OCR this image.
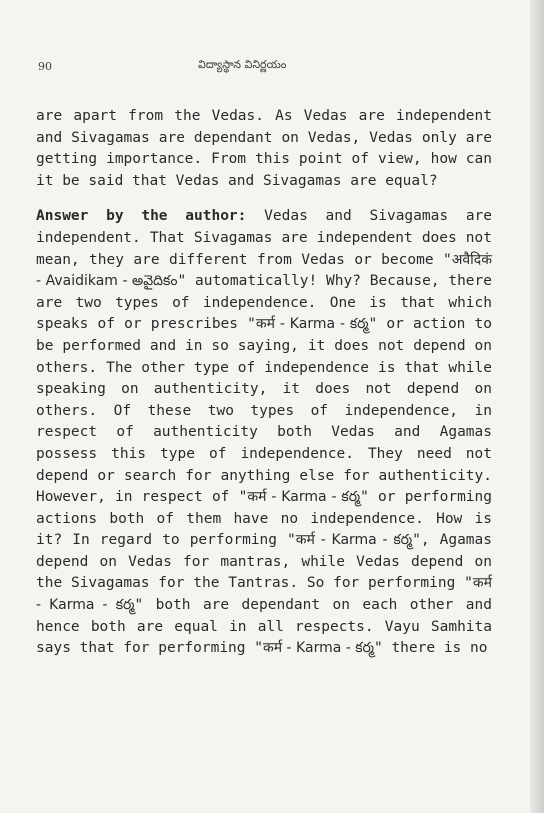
90	విద్యాస్థాన వినిర్ణయం

are apart from the Vedas. As Vedas are independent and Sivagamas are dependant on Vedas, Vedas only are getting importance. From this point of view, how can it be said that Vedas and Sivagamas are equal?

Answer by the author: Vedas and Sivagamas are independent. That Sivagamas are independent does not mean, they are different from Vedas or become "अवैदिकं - Avaidikam - అవైదికం" automatically! Why? Because, there are two types of independence. One is that which speaks of or prescribes "कर्म - Karma - కర్మ" or action to be performed and in so saying, it does not depend on others. The other type of independence is that while speaking on authenticity, it does not depend on others. Of these two types of independence, in respect of authenticity both Vedas and Agamas possess this type of independence. They need not depend or search for anything else for authenticity. However, in respect of "कर्म - Karma - కర్మ" or performing actions both of them have no independence. How is it? In regard to performing "कर्म - Karma - కర్మ", Agamas depend on Vedas for mantras, while Vedas depend on the Sivagamas for the Tantras. So for performing "कर्म - Karma - కర్మ" both are dependant on each other and hence both are equal in all respects. Vayu Samhita says that for performing "कर्म - Karma - కర్మ" there is no
